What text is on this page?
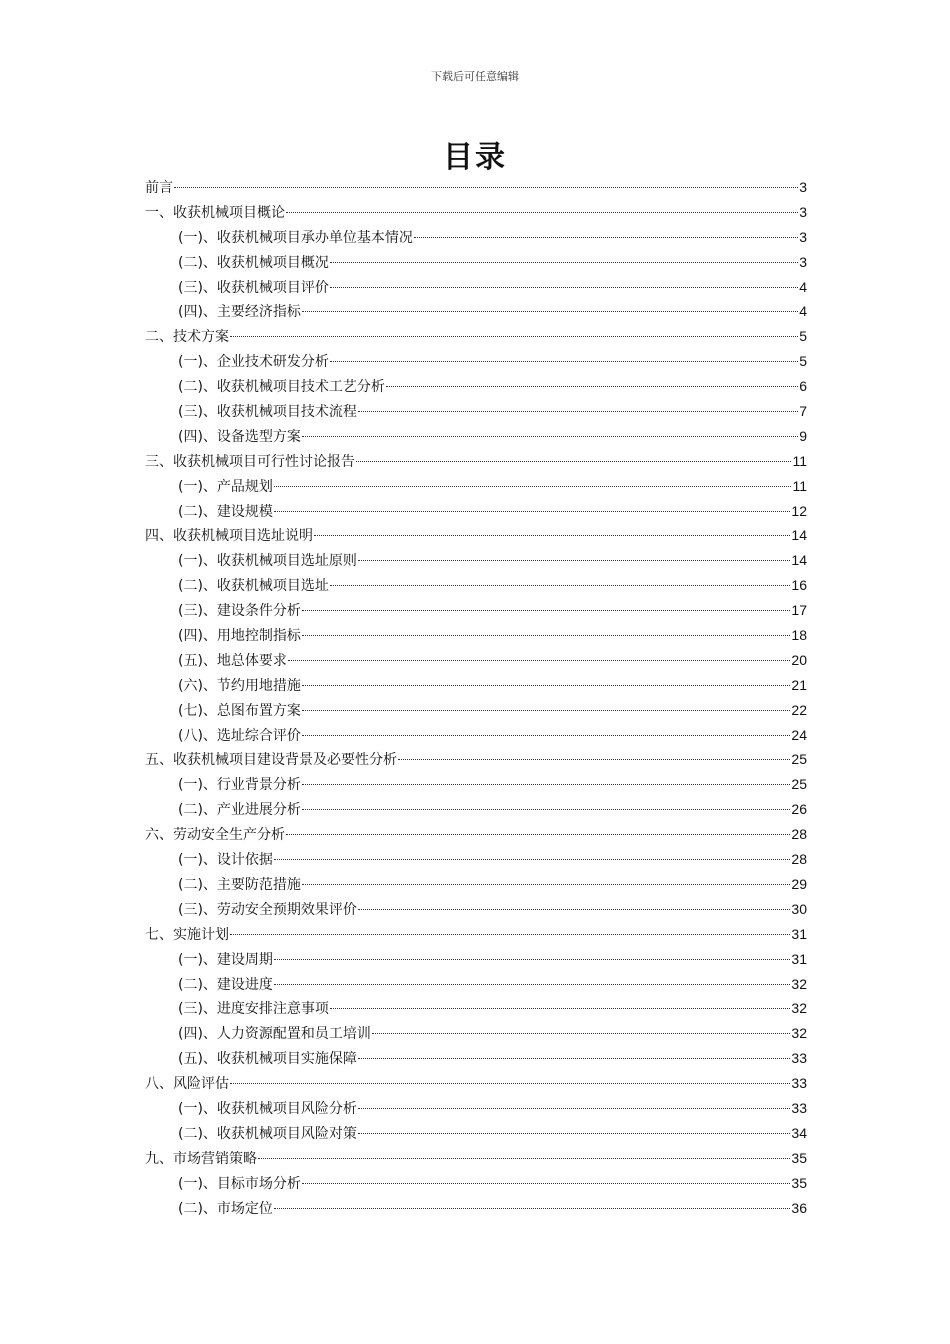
下载后可任意编辑
目录
前言	3
一、收获机械项目概论	3
(一)、收获机械项目承办单位基本情况	3
(二)、收获机械项目概况	3
(三)、收获机械项目评价	4
(四)、主要经济指标	4
二、技术方案	5
(一)、企业技术研发分析	5
(二)、收获机械项目技术工艺分析	6
(三)、收获机械项目技术流程	7
(四)、设备选型方案	9
三、收获机械项目可行性讨论报告	11
(一)、产品规划	11
(二)、建设规模	12
四、收获机械项目选址说明	14
(一)、收获机械项目选址原则	14
(二)、收获机械项目选址	16
(三)、建设条件分析	17
(四)、用地控制指标	18
(五)、地总体要求	20
(六)、节约用地措施	21
(七)、总图布置方案	22
(八)、选址综合评价	24
五、收获机械项目建设背景及必要性分析	25
(一)、行业背景分析	25
(二)、产业进展分析	26
六、劳动安全生产分析	28
(一)、设计依据	28
(二)、主要防范措施	29
(三)、劳动安全预期效果评价	30
七、实施计划	31
(一)、建设周期	31
(二)、建设进度	32
(三)、进度安排注意事项	32
(四)、人力资源配置和员工培训	32
(五)、收获机械项目实施保障	33
八、风险评估	33
(一)、收获机械项目风险分析	33
(二)、收获机械项目风险对策	34
九、市场营销策略	35
(一)、目标市场分析	35
(二)、市场定位	36
